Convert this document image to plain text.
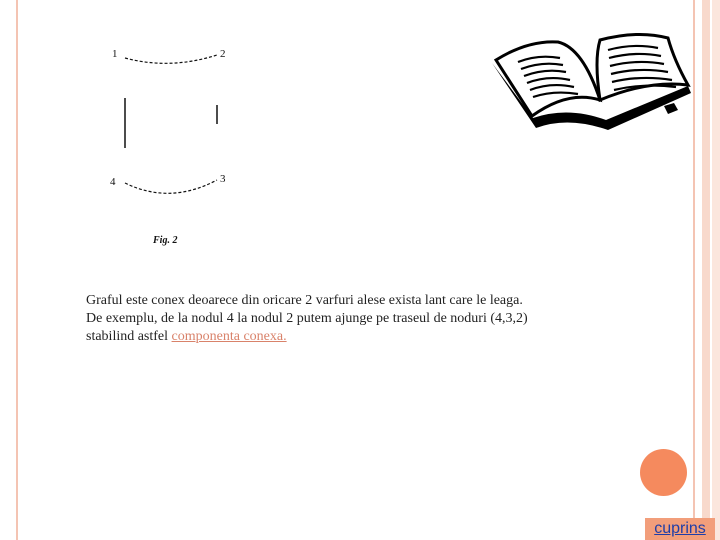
1	2
3
4
Fig. 2

Graful este conex deoarece din oricare 2 varfuri alese exista lant care le leaga.

De exemplu, de la nodul 4 la nodul 2 putem ajunge pe traseul de noduri (4,3,2)

stabilind astfel componenta conexa.

cuprins
